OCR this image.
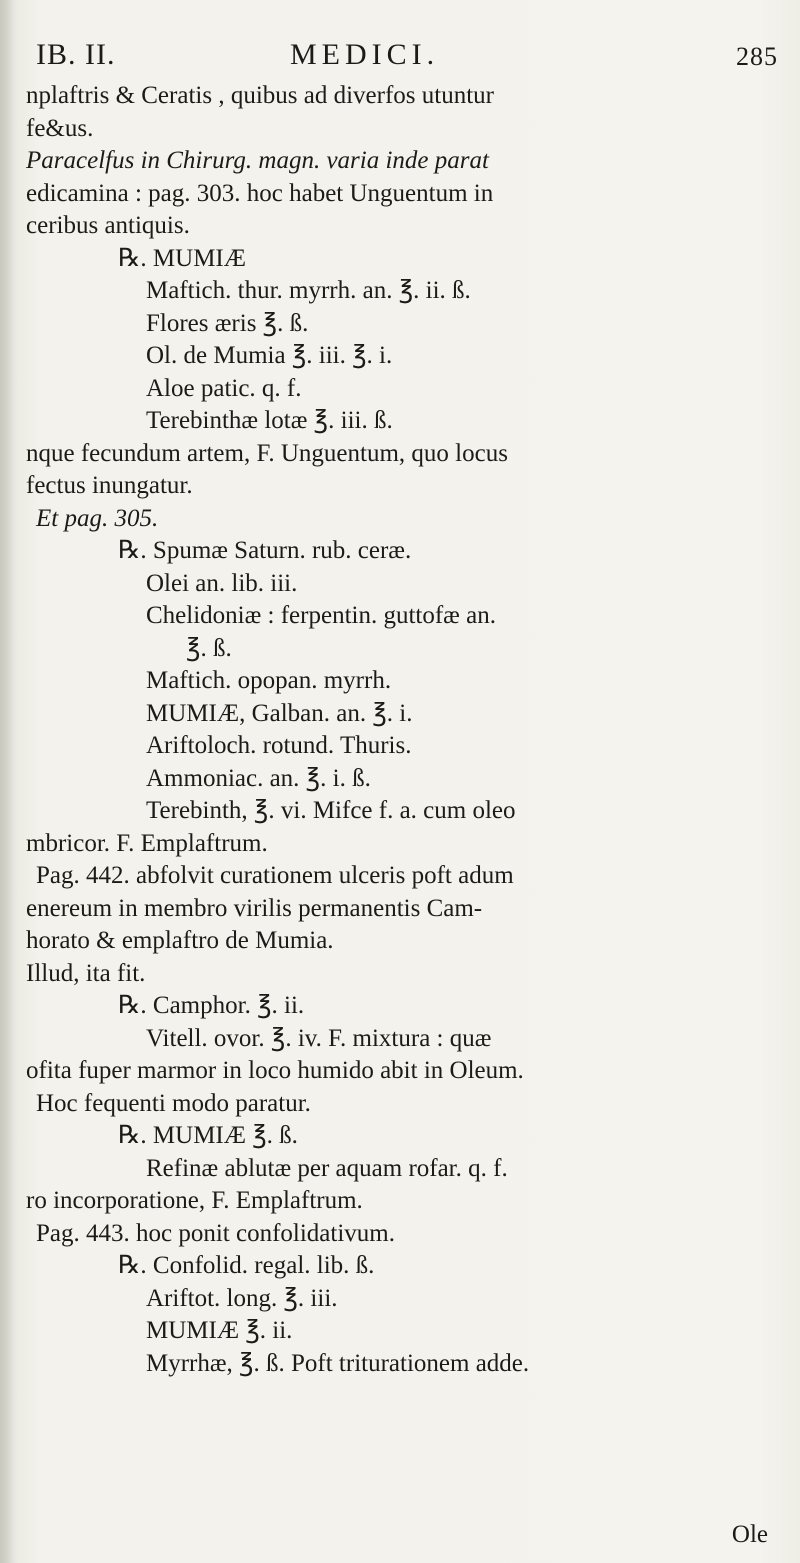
IB. II.	MEDICI.	285
nplaftris & Ceratis , quibus ad diverfos utuntur
fe&us.
Paracelfus in Chirurg. magn. varia inde parat
edicamina : pag. 303. hoc habet Unguentum in
ceribus antiquis.
℞. MUMIÆ
Maftich. thur. myrrh. an. ℥. ii. ß.
Flores æris ℥. ß.
Ol. de Mumia ℥. iii. ℥. i.
Aloe patic. q. f.
Terebinthæ lotæ ℥. iii. ß.
nque fecundum artem, F. Unguentum, quo locus
fectus inungatur.
Et pag. 305.
℞. Spumæ Saturn. rub. ceræ.
Olei an. lib. iii.
Chelidoniæ : ferpentin. guttofæ an.
℥. ß.
Maftich. opopan. myrrh.
MUMIÆ, Galban. an. ℥. i.
Ariftoloch. rotund. Thuris.
Ammoniac. an. ℥. i. ß.
Terebinth, ℥. vi. Mifce f. a. cum oleo
mbricor. F. Emplaftrum.
Pag. 442. abfolvit curationem ulceris poft adum
enereum in membro virilis permanentis Cam-
horato & emplaftro de Mumia.
Illud, ita fit.
℞. Camphor. ℥. ii.
Vitell. ovor. ℥. iv. F. mixtura : quæ
ofita fuper marmor in loco humido abit in Oleum.
Hoc fequenti modo paratur.
℞. MUMIÆ ℥. ß.
Refinæ ablutæ per aquam rofar. q. f.
ro incorporatione, F. Emplaftrum.
Pag. 443. hoc ponit confolidativum.
℞. Confolid. regal. lib. ß.
Ariftot. long. ℥. iii.
MUMIÆ ℥. ii.
Myrrhæ, ℥. ß. Poft triturationem adde.
Ole
